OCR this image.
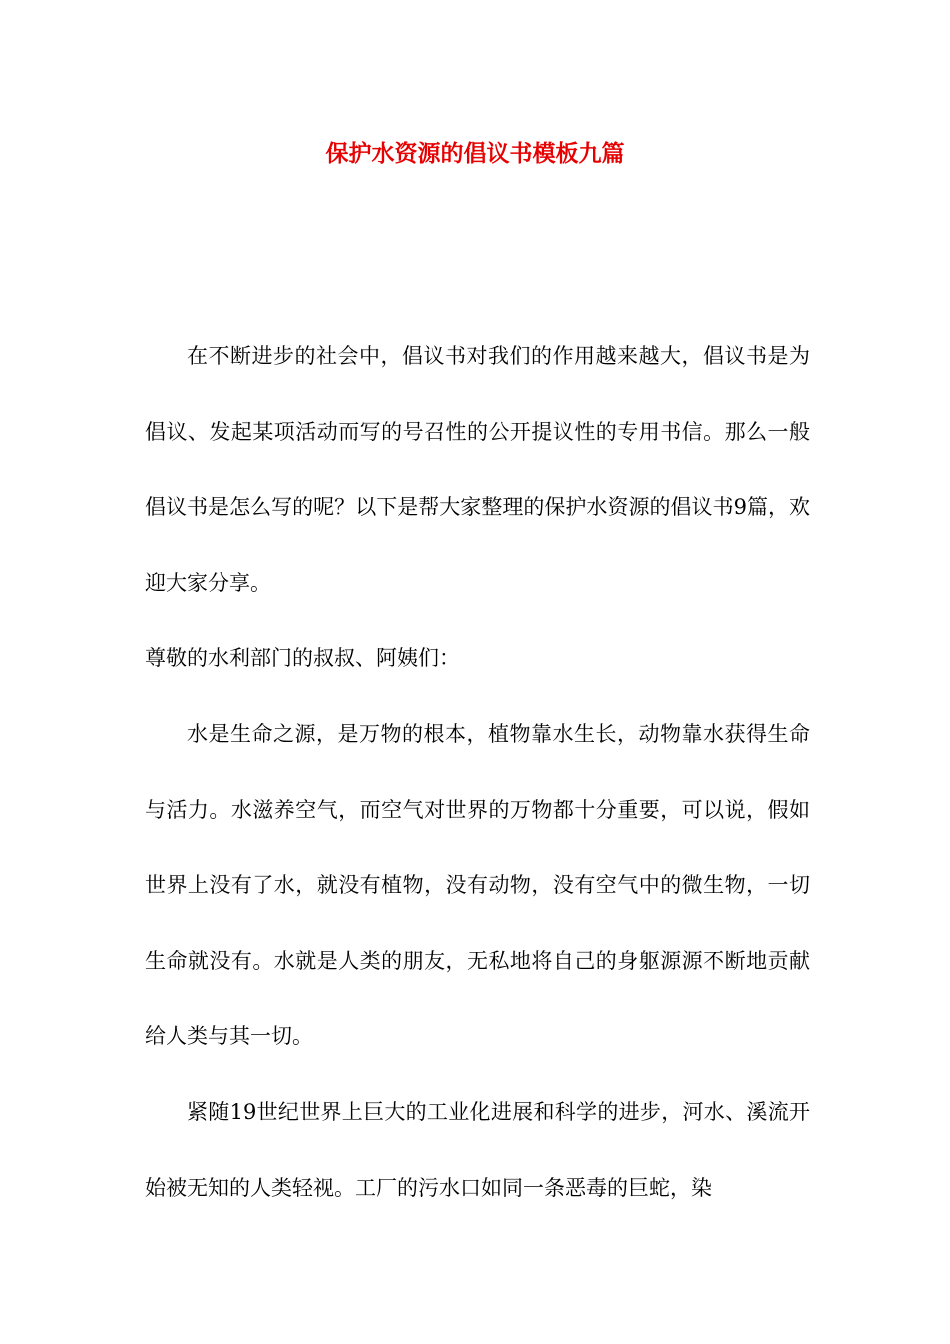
保护水资源的倡议书模板九篇

在不断进步的社会中，倡议书对我们的作用越来越大，倡议书是为倡议、发起某项活动而写的号召性的公开提议性的专用书信。那么一般倡议书是怎么写的呢？以下是帮大家整理的保护水资源的倡议书9篇，欢迎大家分享。

尊敬的水利部门的叔叔、阿姨们：

水是生命之源，是万物的根本，植物靠水生长，动物靠水获得生命与活力。水滋养空气，而空气对世界的万物都十分重要，可以说，假如世界上没有了水，就没有植物，没有动物，没有空气中的微生物，一切生命就没有。水就是人类的朋友，无私地将自己的身躯源源不断地贡献给人类与其一切。

紧随19世纪世界上巨大的工业化进展和科学的进步，河水、溪流开始被无知的人类轻视。工厂的污水口如同一条恶毒的巨蛇，染
